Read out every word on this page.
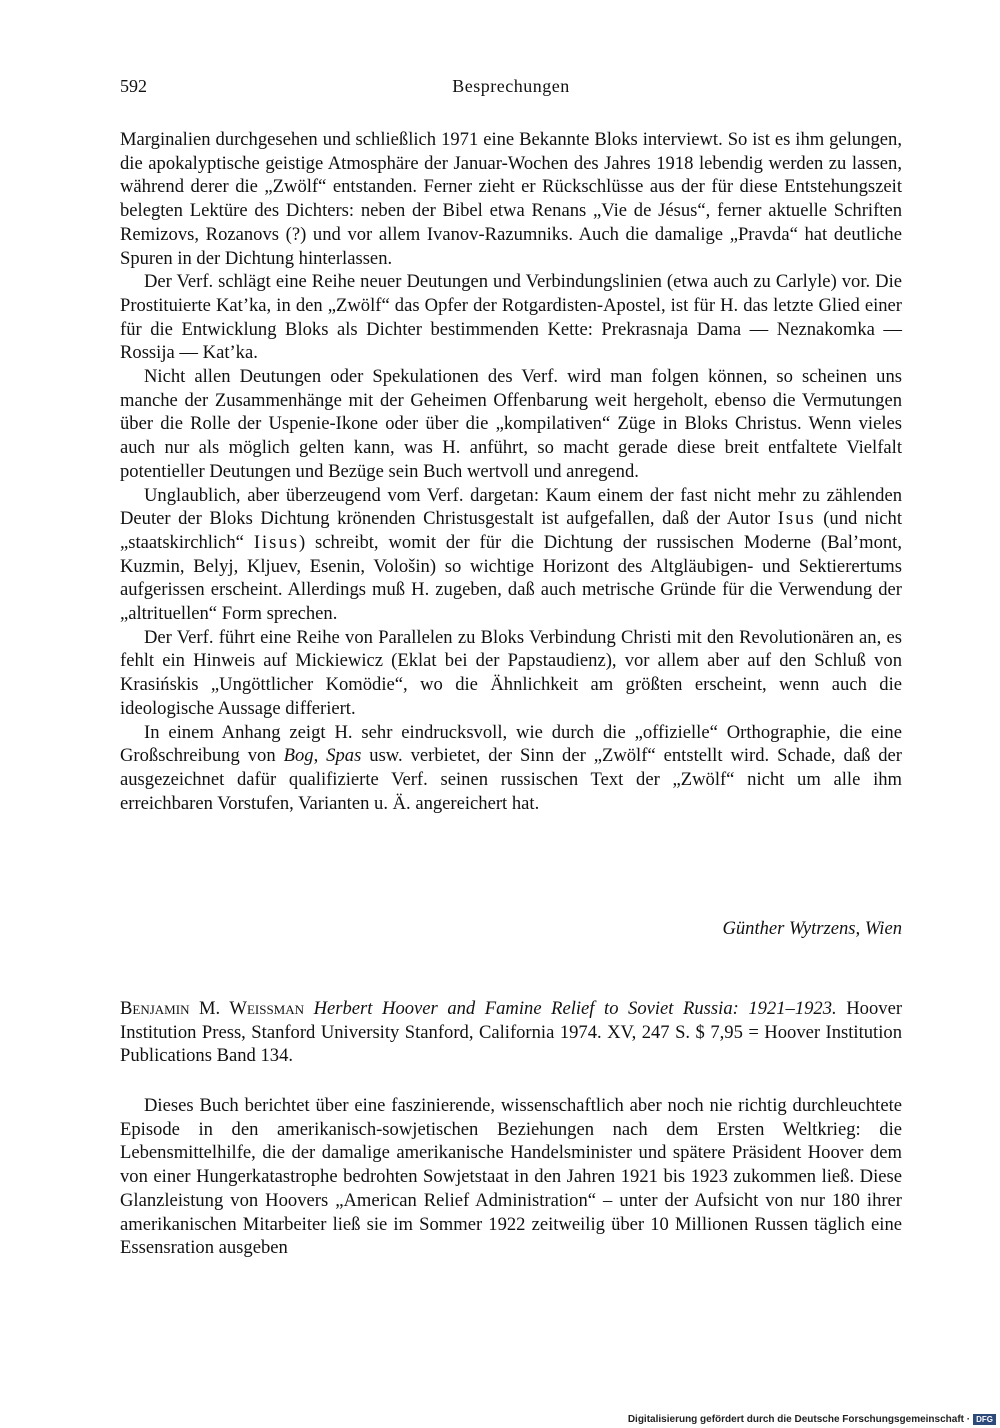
592	Besprechungen

Marginalien durchgesehen und schließlich 1971 eine Bekannte Bloks interviewt. So ist es ihm gelungen, die apokalyptische geistige Atmosphäre der Januar-Wochen des Jahres 1918 lebendig werden zu lassen, während derer die „Zwölf“ entstanden. Ferner zieht er Rückschlüsse aus der für diese Entstehungszeit belegten Lektüre des Dichters: neben der Bibel etwa Renans „Vie de Jésus“, ferner aktuelle Schriften Remizovs, Rozanovs (?) und vor allem Ivanov-Razumniks. Auch die damalige „Pravda“ hat deutliche Spuren in der Dichtung hinterlassen.

Der Verf. schlägt eine Reihe neuer Deutungen und Verbindungslinien (etwa auch zu Carlyle) vor. Die Prostituierte Kat’ka, in den „Zwölf“ das Opfer der Rotgardisten-Apostel, ist für H. das letzte Glied einer für die Entwicklung Bloks als Dichter bestimmenden Kette: Prekrasnaja Dama — Neznakomka — Rossija — Kat’ka.

Nicht allen Deutungen oder Spekulationen des Verf. wird man folgen können, so scheinen uns manche der Zusammenhänge mit der Geheimen Offenbarung weit hergeholt, ebenso die Vermutungen über die Rolle der Uspenie-Ikone oder über die „kompilativen“ Züge in Bloks Christus. Wenn vieles auch nur als möglich gelten kann, was H. anführt, so macht gerade diese breit entfaltete Vielfalt potentieller Deutungen und Bezüge sein Buch wertvoll und anregend.

Unglaublich, aber überzeugend vom Verf. dargetan: Kaum einem der fast nicht mehr zu zählenden Deuter der Bloks Dichtung krönenden Christusgestalt ist aufgefallen, daß der Autor Isus (und nicht „staatskirchlich“ Iisus) schreibt, womit der für die Dichtung der russischen Moderne (Bal’mont, Kuzmin, Belyj, Kljuev, Esenin, Vološin) so wichtige Horizont des Altgläubigen- und Sektierertums aufgerissen erscheint. Allerdings muß H. zugeben, daß auch metrische Gründe für die Verwendung der „altrituellen“ Form sprechen.

Der Verf. führt eine Reihe von Parallelen zu Bloks Verbindung Christi mit den Revolutionären an, es fehlt ein Hinweis auf Mickiewicz (Eklat bei der Papstaudienz), vor allem aber auf den Schluß von Krasińskis „Ungöttlicher Komödie“, wo die Ähnlichkeit am größten erscheint, wenn auch die ideologische Aussage differiert.

In einem Anhang zeigt H. sehr eindrucksvoll, wie durch die „offizielle“ Orthographie, die eine Großschreibung von Bog, Spas usw. verbietet, der Sinn der „Zwölf“ entstellt wird. Schade, daß der ausgezeichnet dafür qualifizierte Verf. seinen russischen Text der „Zwölf“ nicht um alle ihm erreichbaren Vorstufen, Varianten u. Ä. angereichert hat.

Günther Wytrzens, Wien
Benjamin M. Weissman Herbert Hoover and Famine Relief to Soviet Russia: 1921–1923. Hoover Institution Press, Stanford University Stanford, California 1974. XV, 247 S. $ 7,95 = Hoover Institution Publications Band 134.
Dieses Buch berichtet über eine faszinierende, wissenschaftlich aber noch nie richtig durchleuchtete Episode in den amerikanisch-sowjetischen Beziehungen nach dem Ersten Weltkrieg: die Lebensmittelhilfe, die der damalige amerikanische Handelsminister und spätere Präsident Hoover dem von einer Hungerkatastrophe bedrohten Sowjetstaat in den Jahren 1921 bis 1923 zukommen ließ. Diese Glanzleistung von Hoovers „American Relief Administration“ – unter der Aufsicht von nur 180 ihrer amerikanischen Mitarbeiter ließ sie im Sommer 1922 zeitweilig über 10 Millionen Russen täglich eine Essensration ausgeben
Digitalisierung gefördert durch die Deutsche Forschungsgemeinschaft · DFG
